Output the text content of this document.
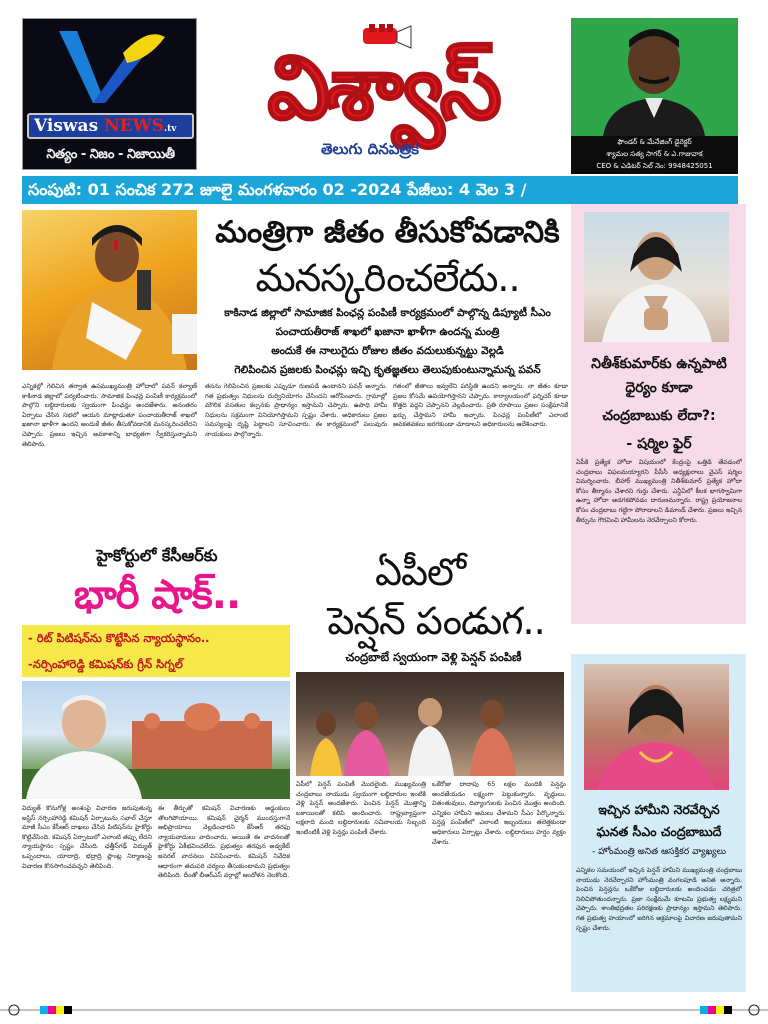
Viswas NEWS.tv
నిత్యం - నిజం - నిజాయితీ
విశ్వాస్
తెలుగు దినపత్రిక	ఫౌండర్ & మేనేజింగ్ డైరెక్టర్
శ్యామల సత్య సాగర్ & ఎ.గాజువాక
CEO & ఎడిటర్ సెల్ నెం: 9948425051
సంపుటి: 01 సంచిక 272 జూలై మంగళవారం 02 -2024 పేజీలు: 4 వెల 3 /
మంత్రిగా జీతం తీసుకోవడానికి
మనస్కరించలేదు..
కాకినాడ జిల్లాలో సామాజిక పింఛన్ల పంపిణీ కార్యక్రమంలో పాల్గొన్న డిప్యూటీ సీఎం
పంచాయతీరాజ్ శాఖలో ఖజానా ఖాళీగా ఉందన్న మంత్రి
అందుకే ఈ నాలుగైదు రోజుల జీతం వదులుకున్నట్టు వెల్లడి
గెలిపించిన ప్రజలకు పింఛన్లు ఇచ్చి కృతజ్ఞతలు తెలుపుకుంటున్నామన్న పవన్
ఎన్నికల్లో గెలిచిన తర్వాత ఉపముఖ్యమంత్రి హోదాలో పవన్ కల్యాణ్ కాకినాడ జిల్లాలో పర్యటించారు. సామాజిక పింఛన్ల పంపిణీ కార్యక్రమంలో పాల్గొని లబ్ధిదారులకు స్వయంగా పింఛన్లు అందజేశారు. అనంతరం ఏర్పాటు చేసిన సభలో ఆయన మాట్లాడుతూ పంచాయతీరాజ్ శాఖలో ఖజానా ఖాళీగా ఉందని అందుకే జీతం తీసుకోవడానికి మనస్కరించలేదని చెప్పారు. ప్రజలు ఇచ్చిన అవకాశాన్ని బాధ్యతగా స్వీకరిస్తున్నామని తెలిపారు.
తనను గెలిపించిన ప్రజలకు ఎప్పుడూ రుణపడి ఉంటానని పవన్ అన్నారు. గత ప్రభుత్వం నిధులను దుర్వినియోగం చేసిందని ఆరోపించారు. గ్రామాల్లో మౌలిక వసతుల కల్పనకు ప్రాధాన్యం ఇస్తామని చెప్పారు. ఉపాధి హామీ నిధులను సక్రమంగా వినియోగిస్తామని స్పష్టం చేశారు. అధికారులు ప్రజల సమస్యలపై దృష్టి పెట్టాలని సూచించారు. ఈ కార్యక్రమంలో పలువురు నాయకులు పాల్గొన్నారు.
గతంలో జీతాలు ఇవ్వలేని పరిస్థితి ఉందని అన్నారు. నా జీతం కూడా ప్రజల కోసమే ఉపయోగిస్తానని చెప్పారు. కార్యాలయంలో ఫర్నిచర్ కూడా కొత్తది వద్దని చెప్పానని వెల్లడించారు. ప్రతి రూపాయి ప్రజల సంక్షేమానికే ఖర్చు చేస్తామని హామీ ఇచ్చారు. పింఛన్ల పంపిణీలో ఎలాంటి అవకతవకలు జరగకుండా చూడాలని అధికారులను ఆదేశించారు.
నితీశ్‌కుమార్‌కు ఉన్నపాటి
ధైర్యం కూడా
చంద్రబాబుకు లేదా?:
- షర్మిల ఫైర్
ఏపీకి ప్రత్యేక హోదా విషయంలో కేంద్రంపై ఒత్తిడి తేవడంలో చంద్రబాబు విఫలమయ్యారని పీసీసీ అధ్యక్షురాలు వైఎస్ షర్మిల విమర్శించారు. బీహార్ ముఖ్యమంత్రి నితీశ్‌కుమార్ ప్రత్యేక హోదా కోసం తీర్మానం చేశారని గుర్తు చేశారు. ఎన్డీఏలో కీలక భాగస్వామిగా ఉన్నా హోదా అడగకపోవడం దారుణమన్నారు. రాష్ట్ర ప్రయోజనాల కోసం చంద్రబాబు గట్టిగా పోరాడాలని డిమాండ్ చేశారు. ప్రజలు ఇచ్చిన తీర్పును గౌరవించి హామీలను నెరవేర్చాలని కోరారు.
హైకోర్టులో కేసీఆర్‌కు
భారీ షాక్..
- రిట్ పిటిషన్‌ను కొట్టేసిన న్యాయస్థానం..
-నర్సింహారెడ్డి కమిషన్‌కు గ్రీన్ సిగ్నల్
విద్యుత్ కొనుగోళ్ల అంశంపై విచారణ జరుపుతున్న జస్టిస్ నర్సింహారెడ్డి కమిషన్ ఏర్పాటును సవాల్ చేస్తూ మాజీ సీఎం కేసీఆర్ దాఖలు చేసిన పిటిషన్‌ను హైకోర్టు కొట్టివేసింది. కమిషన్ ఏర్పాటులో ఎలాంటి తప్పు లేదని న్యాయస్థానం స్పష్టం చేసింది. ఛత్తీస్‌గఢ్ విద్యుత్ ఒప్పందాలు, యాదాద్రి, భద్రాద్రి ప్లాంట్ల నిర్మాణంపై విచారణ కొనసాగించవచ్చని తెలిపింది.
ఈ తీర్పుతో కమిషన్ విచారణకు అడ్డంకులు తొలగిపోయాయి. కమిషన్ చైర్మన్ ముందస్తుగానే అభిప్రాయాలు వెల్లడించారని కేసీఆర్ తరఫు న్యాయవాదులు వాదించారు. అయితే ఈ వాదనలతో హైకోర్టు ఏకీభవించలేదు. ప్రభుత్వం తరఫున అడ్వకేట్ జనరల్ వాదనలు వినిపించారు. కమిషన్ నివేదిక ఆధారంగా తదుపరి చర్యలు తీసుకుంటామని ప్రభుత్వం తెలిపింది. దీంతో బీఆర్ఎస్ వర్గాల్లో ఆందోళన నెలకొంది.
ఏపీలో
పెన్షన్ పండుగ..
చంద్రబాబే స్వయంగా వెళ్లి పెన్షన్ పంపిణీ
ఏపీలో పెన్షన్ పంపిణీ మొదలైంది. ముఖ్యమంత్రి చంద్రబాబు నాయుడు స్వయంగా లబ్ధిదారుల ఇంటికి వెళ్లి పెన్షన్ అందజేశారు. పెంచిన పెన్షన్ మొత్తాన్ని బకాయిలతో కలిపి అందించారు. రాష్ట్రవ్యాప్తంగా లక్షలాది మంది లబ్ధిదారులకు సచివాలయ సిబ్బంది ఇంటింటికీ వెళ్లి పెన్షన్లు పంపిణీ చేశారు.
ఒకేరోజు దాదాపు 65 లక్షల మందికి పెన్షన్లు అందజేయడం లక్ష్యంగా పెట్టుకున్నారు. వృద్ధులు, వితంతువులు, దివ్యాంగులకు పెంచిన మొత్తం అందింది. ఎన్నికల హామీని అమలు చేశామని సీఎం పేర్కొన్నారు. పెన్షన్ల పంపిణీలో ఎలాంటి ఇబ్బందులు తలెత్తకుండా అధికారులు ఏర్పాట్లు చేశారు. లబ్ధిదారులు హర్షం వ్యక్తం చేశారు.
ఇచ్చిన హామీని నెరవేర్చిన
ఘనత సీఎం చంద్రబాబుదే
- హోంమంత్రి అనిత ఆసక్తికర వ్యాఖ్యలు
ఎన్నికల సమయంలో ఇచ్చిన పెన్షన్ హామీని ముఖ్యమంత్రి చంద్రబాబు నాయుడు నెరవేర్చారని హోంమంత్రి వంగలపూడి అనిత అన్నారు. పెంచిన పెన్షన్లను ఒకేరోజు లబ్ధిదారులకు అందించడం చరిత్రలో నిలిచిపోతుందన్నారు. ప్రజా సంక్షేమమే కూటమి ప్రభుత్వ లక్ష్యమని చెప్పారు. శాంతిభద్రతల పరిరక్షణకు ప్రాధాన్యం ఇస్తామని తెలిపారు. గత ప్రభుత్వ హయాంలో జరిగిన అక్రమాలపై విచారణ జరుపుతామని స్పష్టం చేశారు.
